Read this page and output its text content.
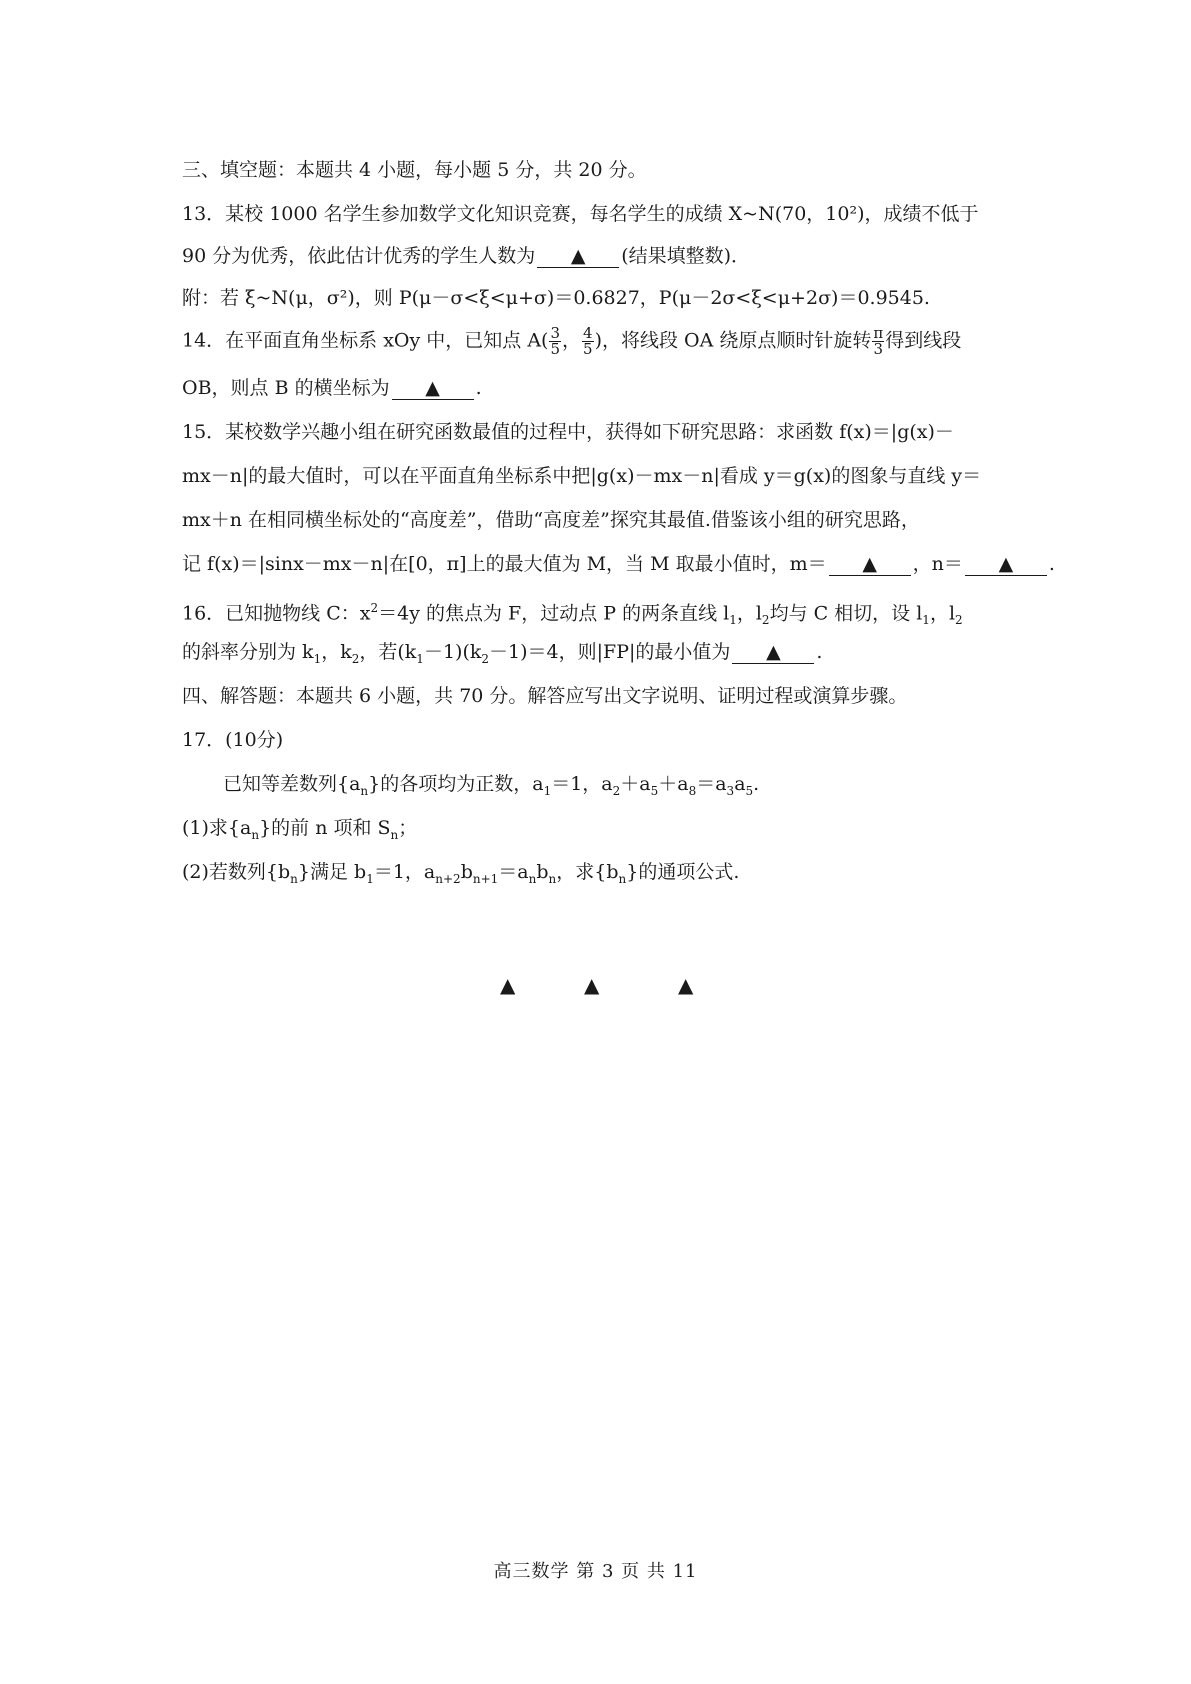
三、填空题：本题共 4 小题，每小题 5 分，共 20 分。
13．某校 1000 名学生参加数学文化知识竞赛，每名学生的成绩 X~N(70，10²)，成绩不低于
90 分为优秀，依此估计优秀的学生人数为 ▲ (结果填整数)．
附：若 ξ~N(μ，σ²)，则 P(μ－σ<ξ<μ+σ)＝0.6827，P(μ－2σ<ξ<μ+2σ)＝0.9545.
14．在平面直角坐标系 xOy 中，已知点 $A( \frac{3}{5}$ ， $\frac{4}{5}$ )，将线段 OA 绕原点顺时针旋转 $\frac{\pi}{3}$ 得到线段
OB，则点 B 的横坐标为 ▲ .
15．某校数学兴趣小组在研究函数最值的过程中，获得如下研究思路：求函数 f(x)＝|g(x)－
mx－n|的最大值时，可以在平面直角坐标系中把|g(x)－mx－n|看成 y＝g(x)的图象与直线 y＝
mx＋n 在相同横坐标处的“高度差”，借助“高度差”探究其最值.借鉴该小组的研究思路，
记 f(x)＝|sinx－mx－n|在[0，π]上的最大值为 M，当 M 取最小值时，m＝ ▲ ，n＝ ▲ .
16．已知抛物线 C：$x^2=4y$ 的焦点为 F，过动点 P 的两条直线 $l_1$，$l_2$均与 C 相切，设 $l_1$，$l_2$
的斜率分别为 $k_1$，$k_2$，若$(k_1-1)(k_2-1)=4$，则|FP|的最小值为 ▲ .
四、解答题：本题共 6 小题，共 70 分。解答应写出文字说明、证明过程或演算步骤。
17．(10分)
已知等差数列$\{a_n\}$的各项均为正数，$a_1=1$，$a_2+a_5+a_8=a_3a_5$.
(1)求$\{a_n\}$的前 n 项和 $S_n$；
(2)若数列$\{b_n\}$满足 $b_1=1$，$a_{n+2}b_{n+1}=a_nb_n$，求$\{b_n\}$的通项公式.
▲	▲	▲
高三数学 第 3 页 共 11
